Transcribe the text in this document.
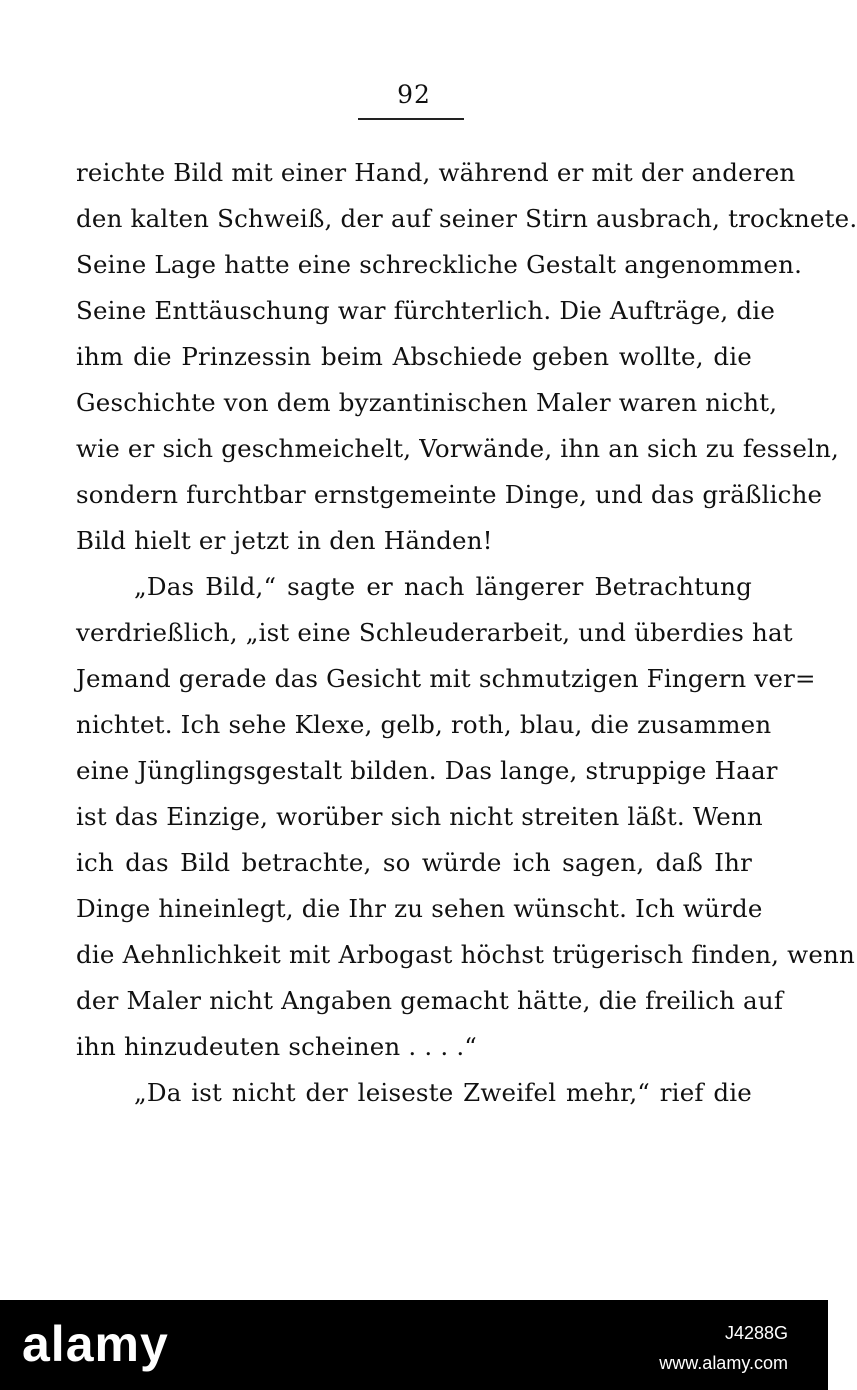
92
reichte Bild mit einer Hand, während er mit der anderen
den kalten Schweiß, der auf seiner Stirn ausbrach, trocknete.
Seine Lage hatte eine schreckliche Gestalt angenommen.
Seine Enttäuschung war fürchterlich. Die Aufträge, die
ihm die Prinzessin beim Abschiede geben wollte, die
Geschichte von dem byzantinischen Maler waren nicht,
wie er sich geschmeichelt, Vorwände, ihn an sich zu fesseln,
sondern furchtbar ernstgemeinte Dinge, und das gräßliche
Bild hielt er jetzt in den Händen!
„Das Bild,“ sagte er nach längerer Betrachtung
verdrießlich, „ist eine Schleuderarbeit, und überdies hat
Jemand gerade das Gesicht mit schmutzigen Fingern ver=
nichtet. Ich sehe Klexe, gelb, roth, blau, die zusammen
eine Jünglingsgestalt bilden. Das lange, struppige Haar
ist das Einzige, worüber sich nicht streiten läßt. Wenn
ich das Bild betrachte, so würde ich sagen, daß Ihr
Dinge hineinlegt, die Ihr zu sehen wünscht. Ich würde
die Aehnlichkeit mit Arbogast höchst trügerisch finden, wenn
der Maler nicht Angaben gemacht hätte, die freilich auf
ihn hinzudeuten scheinen . . . .“
„Da ist nicht der leiseste Zweifel mehr,“ rief die
alamy	J4288G
www.alamy.com
